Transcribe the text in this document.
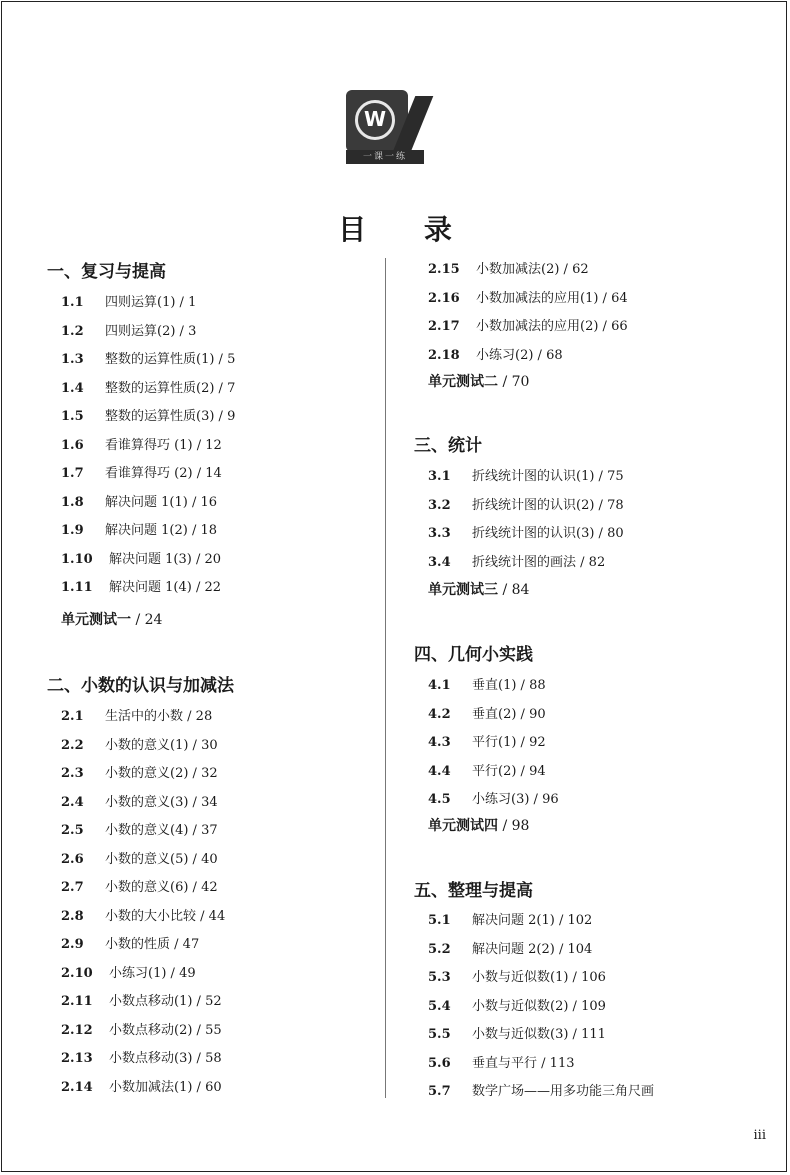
W
一课一练
目 录
一、复习与提高
1.1 四则运算(1) / 1
1.2 四则运算(2) / 3
1.3 整数的运算性质(1) / 5
1.4 整数的运算性质(2) / 7
1.5 整数的运算性质(3) / 9
1.6 看谁算得巧 (1) / 12
1.7 看谁算得巧 (2) / 14
1.8 解决问题 1(1) / 16
1.9 解决问题 1(2) / 18
1.10 解决问题 1(3) / 20
1.11 解决问题 1(4) / 22
单元测试一 / 24
二、小数的认识与加减法
2.1 生活中的小数 / 28
2.2 小数的意义(1) / 30
2.3 小数的意义(2) / 32
2.4 小数的意义(3) / 34
2.5 小数的意义(4) / 37
2.6 小数的意义(5) / 40
2.7 小数的意义(6) / 42
2.8 小数的大小比较 / 44
2.9 小数的性质 / 47
2.10 小练习(1) / 49
2.11 小数点移动(1) / 52
2.12 小数点移动(2) / 55
2.13 小数点移动(3) / 58
2.14 小数加减法(1) / 60
2.15 小数加减法(2) / 62
2.16 小数加减法的应用(1) / 64
2.17 小数加减法的应用(2) / 66
2.18 小练习(2) / 68
单元测试二 / 70
三、统计
3.1 折线统计图的认识(1) / 75
3.2 折线统计图的认识(2) / 78
3.3 折线统计图的认识(3) / 80
3.4 折线统计图的画法 / 82
单元测试三 / 84
四、几何小实践
4.1 垂直(1) / 88
4.2 垂直(2) / 90
4.3 平行(1) / 92
4.4 平行(2) / 94
4.5 小练习(3) / 96
单元测试四 / 98
五、整理与提高
5.1 解决问题 2(1) / 102
5.2 解决问题 2(2) / 104
5.3 小数与近似数(1) / 106
5.4 小数与近似数(2) / 109
5.5 小数与近似数(3) / 111
5.6 垂直与平行 / 113
5.7 数学广场——用多功能三角尺画
iii
